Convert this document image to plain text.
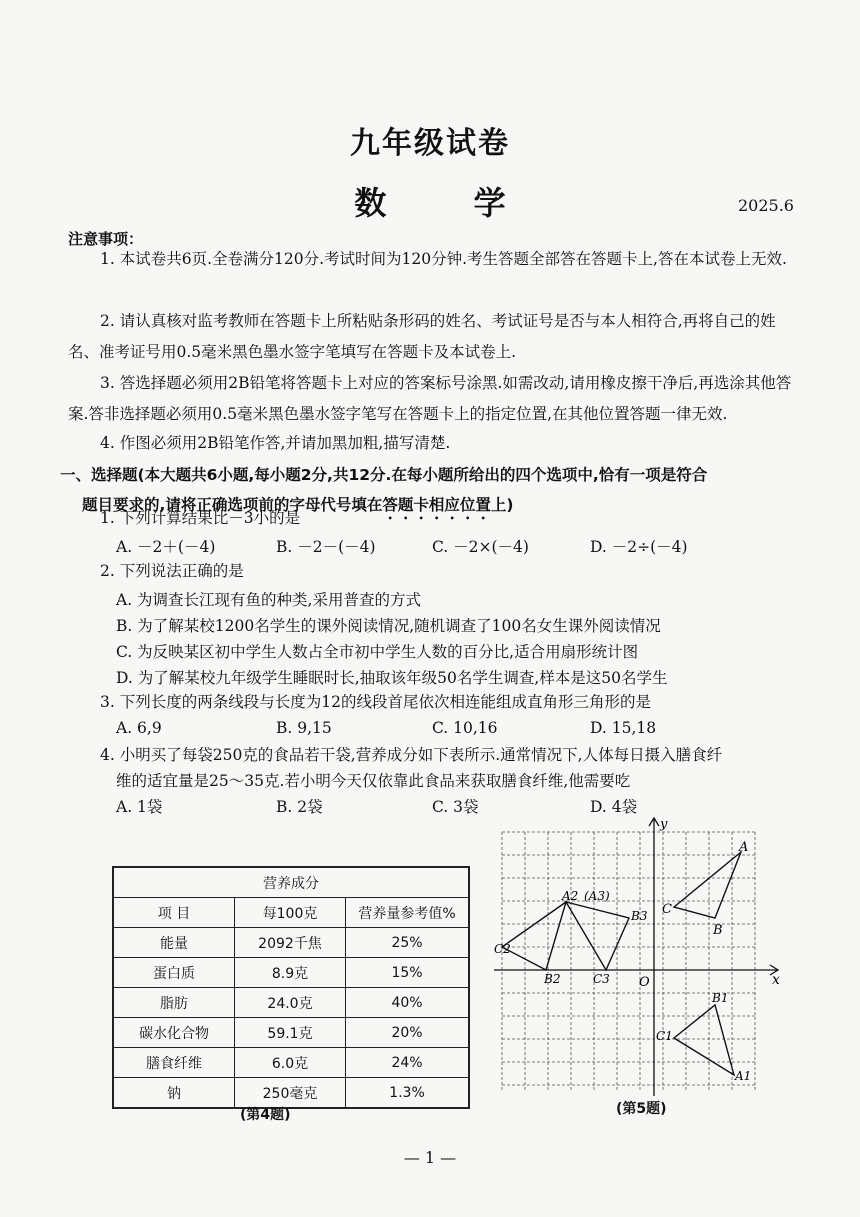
九年级试卷
数 学	2025.6
注意事项：
1. 本试卷共6页.全卷满分120分.考试时间为120分钟.考生答题全部答在答题卡上,答在本试卷上无效.
2. 请认真核对监考教师在答题卡上所粘贴条形码的姓名、考试证号是否与本人相符合,再将自己的姓名、准考证号用0.5毫米黑色墨水签字笔填写在答题卡及本试卷上.
3. 答选择题必须用2B铅笔将答题卡上对应的答案标号涂黑.如需改动,请用橡皮擦干净后,再选涂其他答案.答非选择题必须用0.5毫米黑色墨水签字笔写在答题卡上的指定位置,在其他位置答题一律无效.
4. 作图必须用2B铅笔作答,并请加黑加粗,描写清楚.
一、选择题(本大题共6小题,每小题2分,共12分.在每小题所给出的四个选项中,恰有一项是符合
题目要求的,请将正确选项前的字母代号填在答题卡相应位置上)
1. 下列计算结果比－3小的是
A. －2＋(－4)	B. －2－(－4)	C. －2×(－4)	D. －2÷(－4)
2. 下列说法正确的是
A. 为调查长江现有鱼的种类,采用普查的方式
B. 为了解某校1200名学生的课外阅读情况,随机调查了100名女生课外阅读情况
C. 为反映某区初中学生人数占全市初中学生人数的百分比,适合用扇形统计图
D. 为了解某校九年级学生睡眠时长,抽取该年级50名学生调查,样本是这50名学生
3. 下列长度的两条线段与长度为12的线段首尾依次相连能组成直角形三角形的是
A. 6,9	B. 9,15	C. 10,16	D. 15,18
4. 小明买了每袋250克的食品若干袋,营养成分如下表所示.通常情况下,人体每日摄入膳食纤
维的适宜量是25～35克.若小明今天仅依靠此食品来获取膳食纤维,他需要吃
A. 1袋	B. 2袋	C. 3袋	D. 4袋
营养成分		
项 目	每100克	营养量参考值%
能量	2092千焦	25%
蛋白质	8.9克	15%
脂肪	24.0克	40%
碳水化合物	59.1克	20%
膳食纤维	6.0克	24%
钠	250毫克	1.3%
(第4题)
y
x
O
A
B
C
A1
B1
C1
A2 (A3)
B2
B3
C2
C3
(第5题)
— 1 —
